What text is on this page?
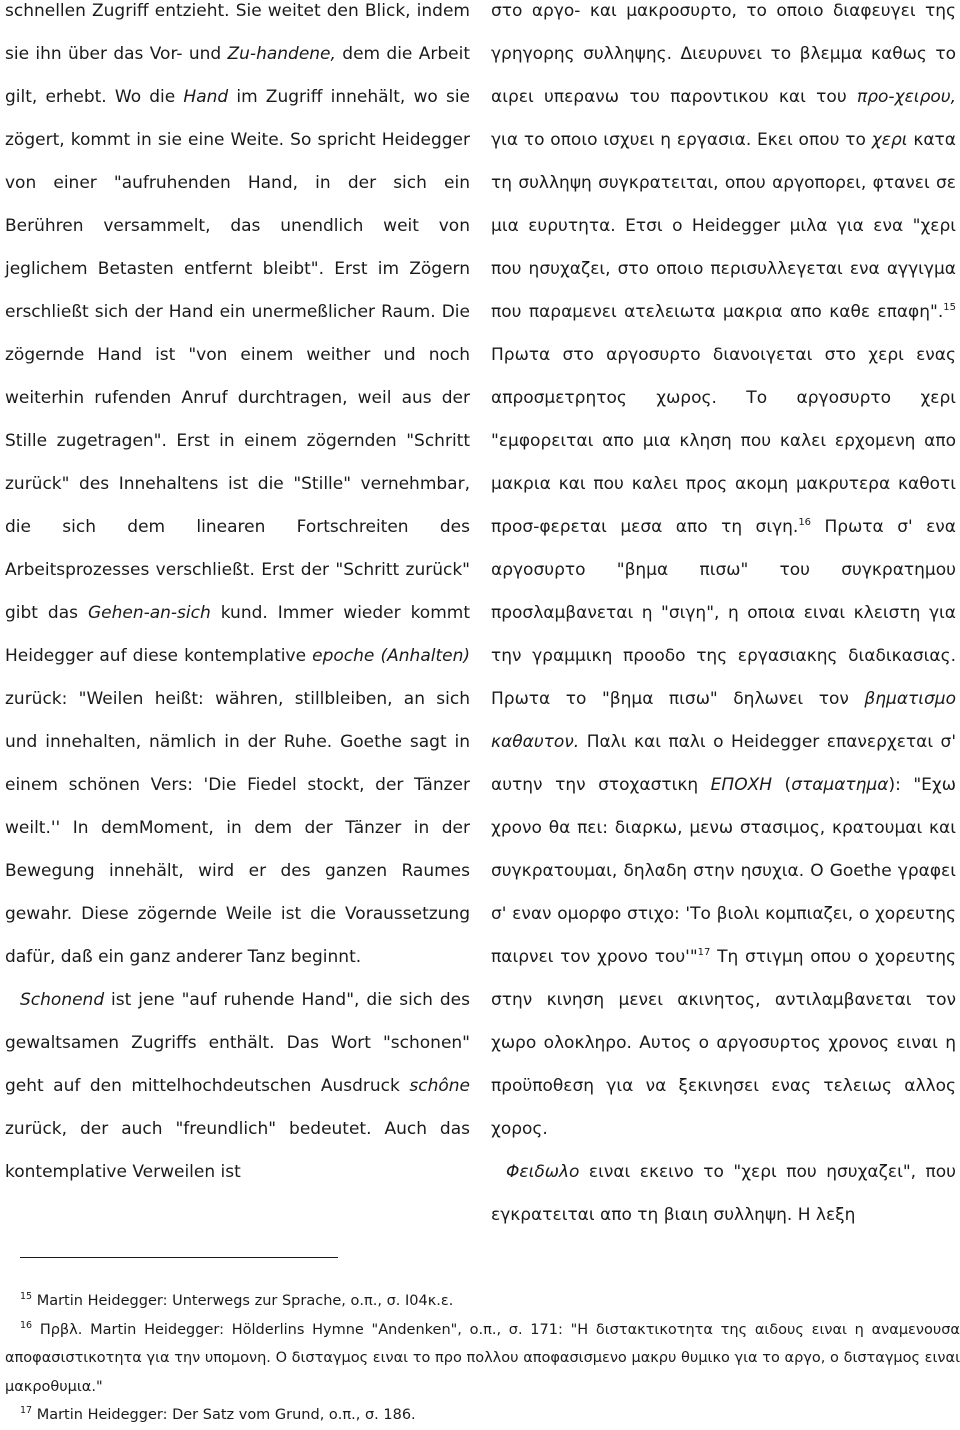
schnellen Zugriff entzieht. Sie weitet den Blick, indem sie ihn über das Vor- und Zu-handene, dem die Arbeit gilt, erhebt. Wo die Hand im Zugriff innehält, wo sie zögert, kommt in sie eine Weite. So spricht Heidegger von einer "aufruhenden Hand, in der sich ein Berühren versammelt, das unendlich weit von jeglichem Betasten entfernt bleibt". Erst im Zögern erschließt sich der Hand ein unermeßlicher Raum. Die zögernde Hand ist "von einem weither und noch weiterhin rufenden Anruf durchtragen, weil aus der Stille zugetragen". Erst in einem zögernden "Schritt zurück" des Innehaltens ist die "Stille" vernehmbar, die sich dem linearen Fortschreiten des Arbeitsprozesses verschließt. Erst der "Schritt zurück" gibt das Gehen-an-sich kund. Immer wieder kommt Heidegger auf diese kontemplative epoche (Anhalten) zurück: "Weilen heißt: währen, stillbleiben, an sich und innehalten, nämlich in der Ruhe. Goethe sagt in einem schönen Vers: 'Die Fiedel stockt, der Tänzer weilt.'' In demMoment, in dem der Tänzer in der Bewegung innehält, wird er des ganzen Raumes gewahr. Diese zögernde Weile ist die Voraussetzung dafür, daß ein ganz anderer Tanz beginnt.

Schonend ist jene "auf ruhende Hand", die sich des gewaltsamen Zugriffs enthält. Das Wort "schonen" geht auf den mittelhochdeutschen Ausdruck schône zurück, der auch "freundlich" bedeutet. Auch das kontemplative Verweilen ist

στο αργο- και μακροσυρτο, το οποιο διαφευγει της γρηγορης συλληψης. Διευρυνει το βλεμμα καθως το αιρει υπερανω του παροντικου και του προ-χειρου, για το οποιο ισχυει η εργασια. Εκει οπου το χερι κατα τη συλληψη συγκρατειται, οπου αργοπορει, φτανει σε μια ευρυτητα. Ετσι ο Heidegger μιλα για ενα "χερι που ησυχαζει, στο οποιο περισυλλεγεται ενα αγγιγμα που παραμενει ατελειωτα μακρια απο καθε επαφη".$^{15}$ Πρωτα στο αργοσυρτο διανοιγεται στο χερι ενας απροσμετρητος χωρος. Το αργοσυρτο χερι "εμφορειται απο μια κληση που καλει ερχομενη απο μακρια και που καλει προς ακομη μακρυτερα καθοτι προσ-φερεται μεσα απο τη σιγη.$^{16}$ Πρωτα σ' ενα αργοσυρτο "βημα πισω" του συγκρατημου προσλαμβανεται η "σιγη", η οποια ειναι κλειστη για την γραμμικη προοδο της εργασιακης διαδικασιας. Πρωτα το "βημα πισω" δηλωνει τον βηματισμο καθαυτον. Παλι και παλι ο Heidegger επανερχεται σ' αυτην την στοχαστικη ΕΠΟΧΗ (σταματημα): "Εχω χρονο θα πει: διαρκω, μενω στασιμος, κρατουμαι και συγκρατουμαι, δηλαδη στην ησυχια. Ο Goethe γραφει σ' εναν ομορφο στιχο: 'Το βιολι κομπιαζει, ο χορευτης παιρνει τον χρονο του'"$^{17}$ Τη στιγμη οπου ο χορευτης στην κινηση μενει ακινητος, αντιλαμβανεται τον χωρο ολοκληρο. Αυτος ο αργοσυρτος χρονος ειναι η προϋποθεση για να ξεκινησει ενας τελειως αλλος χορος.

Φειδωλο ειναι εκεινο το "χερι που ησυχαζει", που εγκρατειται απο τη βιαιη συλληψη. Η λεξη

$^{15}$ Martin Heidegger: Unterwegs zur Sprache, ο.π., σ. I04κ.ε.

$^{16}$ Πρβλ. Martin Heidegger: Hölderlins Hymne "Andenken", ο.π., σ. 171: "Η διστακτικοτητα της αιδους ειναι η αναμενουσα αποφασιστικοτητα για την υπομονη. Ο δισταγμος ειναι το πρo πολλου αποφασισμενο μακρυ θυμικο για το αργο, ο δισταγμος ειναι μακροθυμια."

$^{17}$ Martin Heidegger: Der Satz vom Grund, ο.π., σ. 186.
